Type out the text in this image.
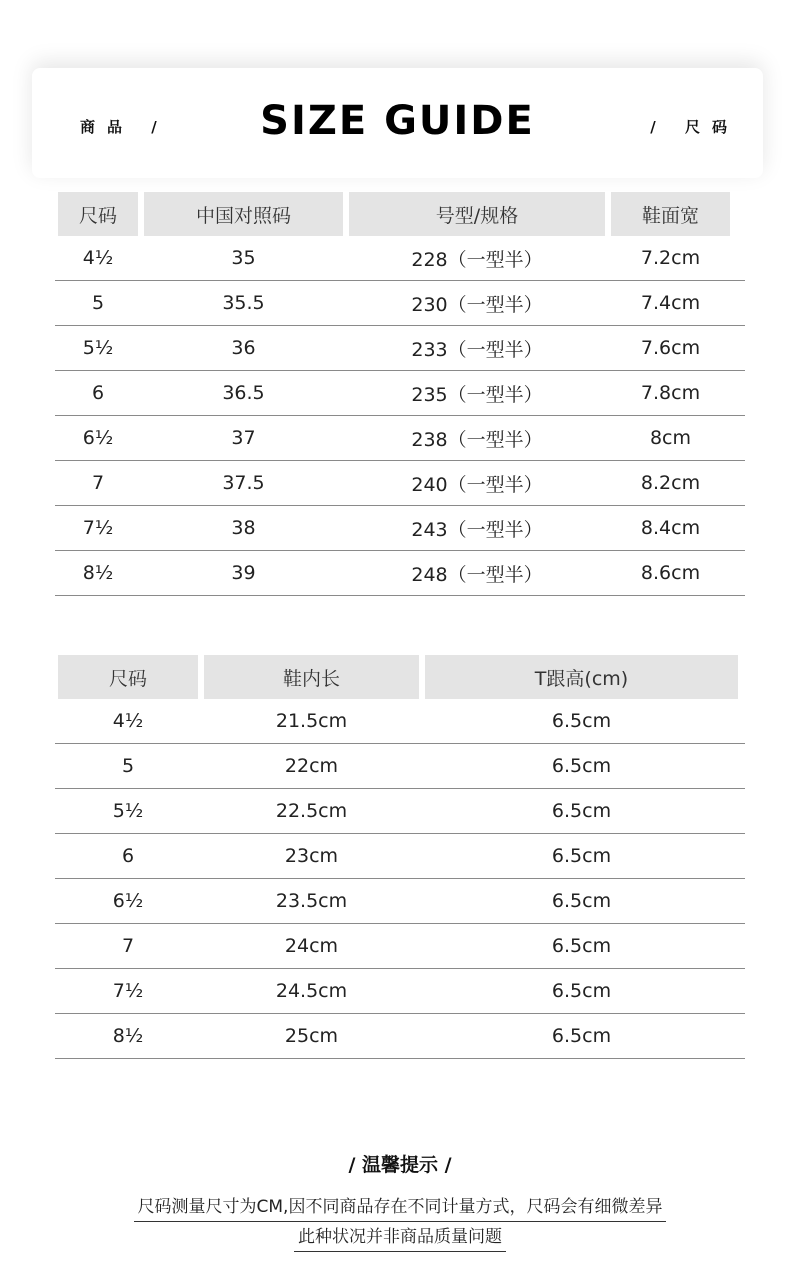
商品 /	SIZE GUIDE	/ 尺码
尺码	中国对照码	号型/规格	鞋面宽
4½	35	228（一型半）	7.2cm
5	35.5	230（一型半）	7.4cm
5½	36	233（一型半）	7.6cm
6	36.5	235（一型半）	7.8cm
6½	37	238（一型半）	8cm
7	37.5	240（一型半）	8.2cm
7½	38	243（一型半）	8.4cm
8½	39	248（一型半）	8.6cm
尺码	鞋内长	T跟高(cm)
4½	21.5cm	6.5cm
5	22cm	6.5cm
5½	22.5cm	6.5cm
6	23cm	6.5cm
6½	23.5cm	6.5cm
7	24cm	6.5cm
7½	24.5cm	6.5cm
8½	25cm	6.5cm
/ 温馨提示 /
尺码测量尺寸为CM,因不同商品存在不同计量方式，尺码会有细微差异
此种状况并非商品质量问题
